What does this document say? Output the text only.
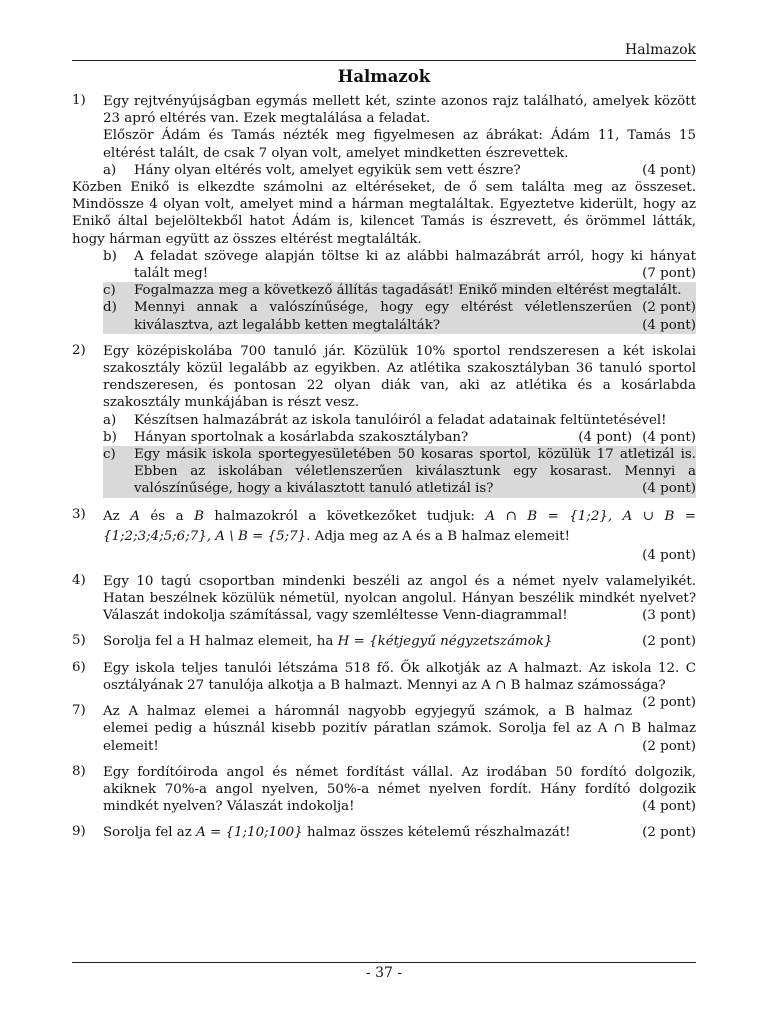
Halmazok
Halmazok
1) Egy rejtvényújságban egymás mellett két, szinte azonos rajz található, amelyek között 23 apró eltérés van. Ezek megtalálása a feladat.
Először Ádám és Tamás nézték meg figyelmesen az ábrákat: Ádám 11, Tamás 15 eltérést talált, de csak 7 olyan volt, amelyet mindketten észrevettek.
a)	(4 pont)
Hány olyan eltérés volt, amelyet egyikük sem vett észre?
Közben Enikő is elkezdte számolni az eltéréseket, de ő sem találta meg az összeset. Mindössze 4 olyan volt, amelyet mind a hárman megtaláltak. Egyeztetve kiderült, hogy az Enikő által bejelöltekből hatot Ádám is, kilencet Tamás is észrevett, és örömmel látták, hogy hárman együtt az összes eltérést megtalálták.
b) A feladat szövege alapján töltse ki az alábbi halmazábrát arról, hogy ki hányat talált meg!	(7 pont)
c) Fogalmazza meg a következő állítás tagadását! Enikő minden eltérést megtalált.
(2 pont)
d) Mennyi annak a valószínűsége, hogy egy eltérést véletlenszerűen kiválasztva, azt legalább ketten megtalálták?	(4 pont)
2) Egy középiskolába 700 tanuló jár. Közülük 10% sportol rendszeresen a két iskolai szakosztály közül legalább az egyikben. Az atlétika szakosztályban 36 tanuló sportol rendszeresen, és pontosan 22 olyan diák van, aki az atlétika és a kosárlabda szakosztály munkájában is részt vesz.
a) Készítsen halmazábrát az iskola tanulóiról a feladat adatainak feltüntetésével!
(4 pont)
b)	(4 pont)
Hányan sportolnak a kosárlabda szakosztályban?
c) Egy másik iskola sportegyesületében 50 kosaras sportol, közülük 17 atletizál is. Ebben az iskolában véletlenszerűen kiválasztunk egy kosarast. Mennyi a valószínűsége, hogy a kiválasztott tanuló atletizál is?	(4 pont)
3) Az A és a B halmazokról a következőket tudjuk: A ∩ B = {1;2}, A ∪ B = {1;2;3;4;5;6;7}, A \ B = {5;7}. Adja meg az A és a B halmaz elemeit!
(4 pont)
4) Egy 10 tagú csoportban mindenki beszéli az angol és a német nyelv valamelyikét. Hatan beszélnek közülük németül, nyolcan angolul. Hányan beszélik mindkét nyelvet? Válaszát indokolja számítással, vagy szemléltesse Venn-diagrammal!	(3 pont)
5)	(2 pont)
Sorolja fel a H halmaz elemeit, ha H = {kétjegyű négyzetszámok}
6) Egy iskola teljes tanulói létszáma 518 fő. Ők alkotják az A halmazt. Az iskola 12. C osztályának 27 tanulója alkotja a B halmazt. Mennyi az A ∩ B halmaz számossága?
(2 pont)
7) Az A halmaz elemei a háromnál nagyobb egyjegyű számok, a B halmaz elemei pedig a húsznál kisebb pozitív páratlan számok. Sorolja fel az A ∩ B halmaz elemeit!	(2 pont)
8) Egy fordítóiroda angol és német fordítást vállal. Az irodában 50 fordító dolgozik, akiknek 70%-a angol nyelven, 50%-a német nyelven fordít. Hány fordító dolgozik mindkét nyelven? Válaszát indokolja!	(4 pont)
9)	(2 pont)
Sorolja fel az A = {1;10;100} halmaz összes kételemű részhalmazát!
- 37 -
